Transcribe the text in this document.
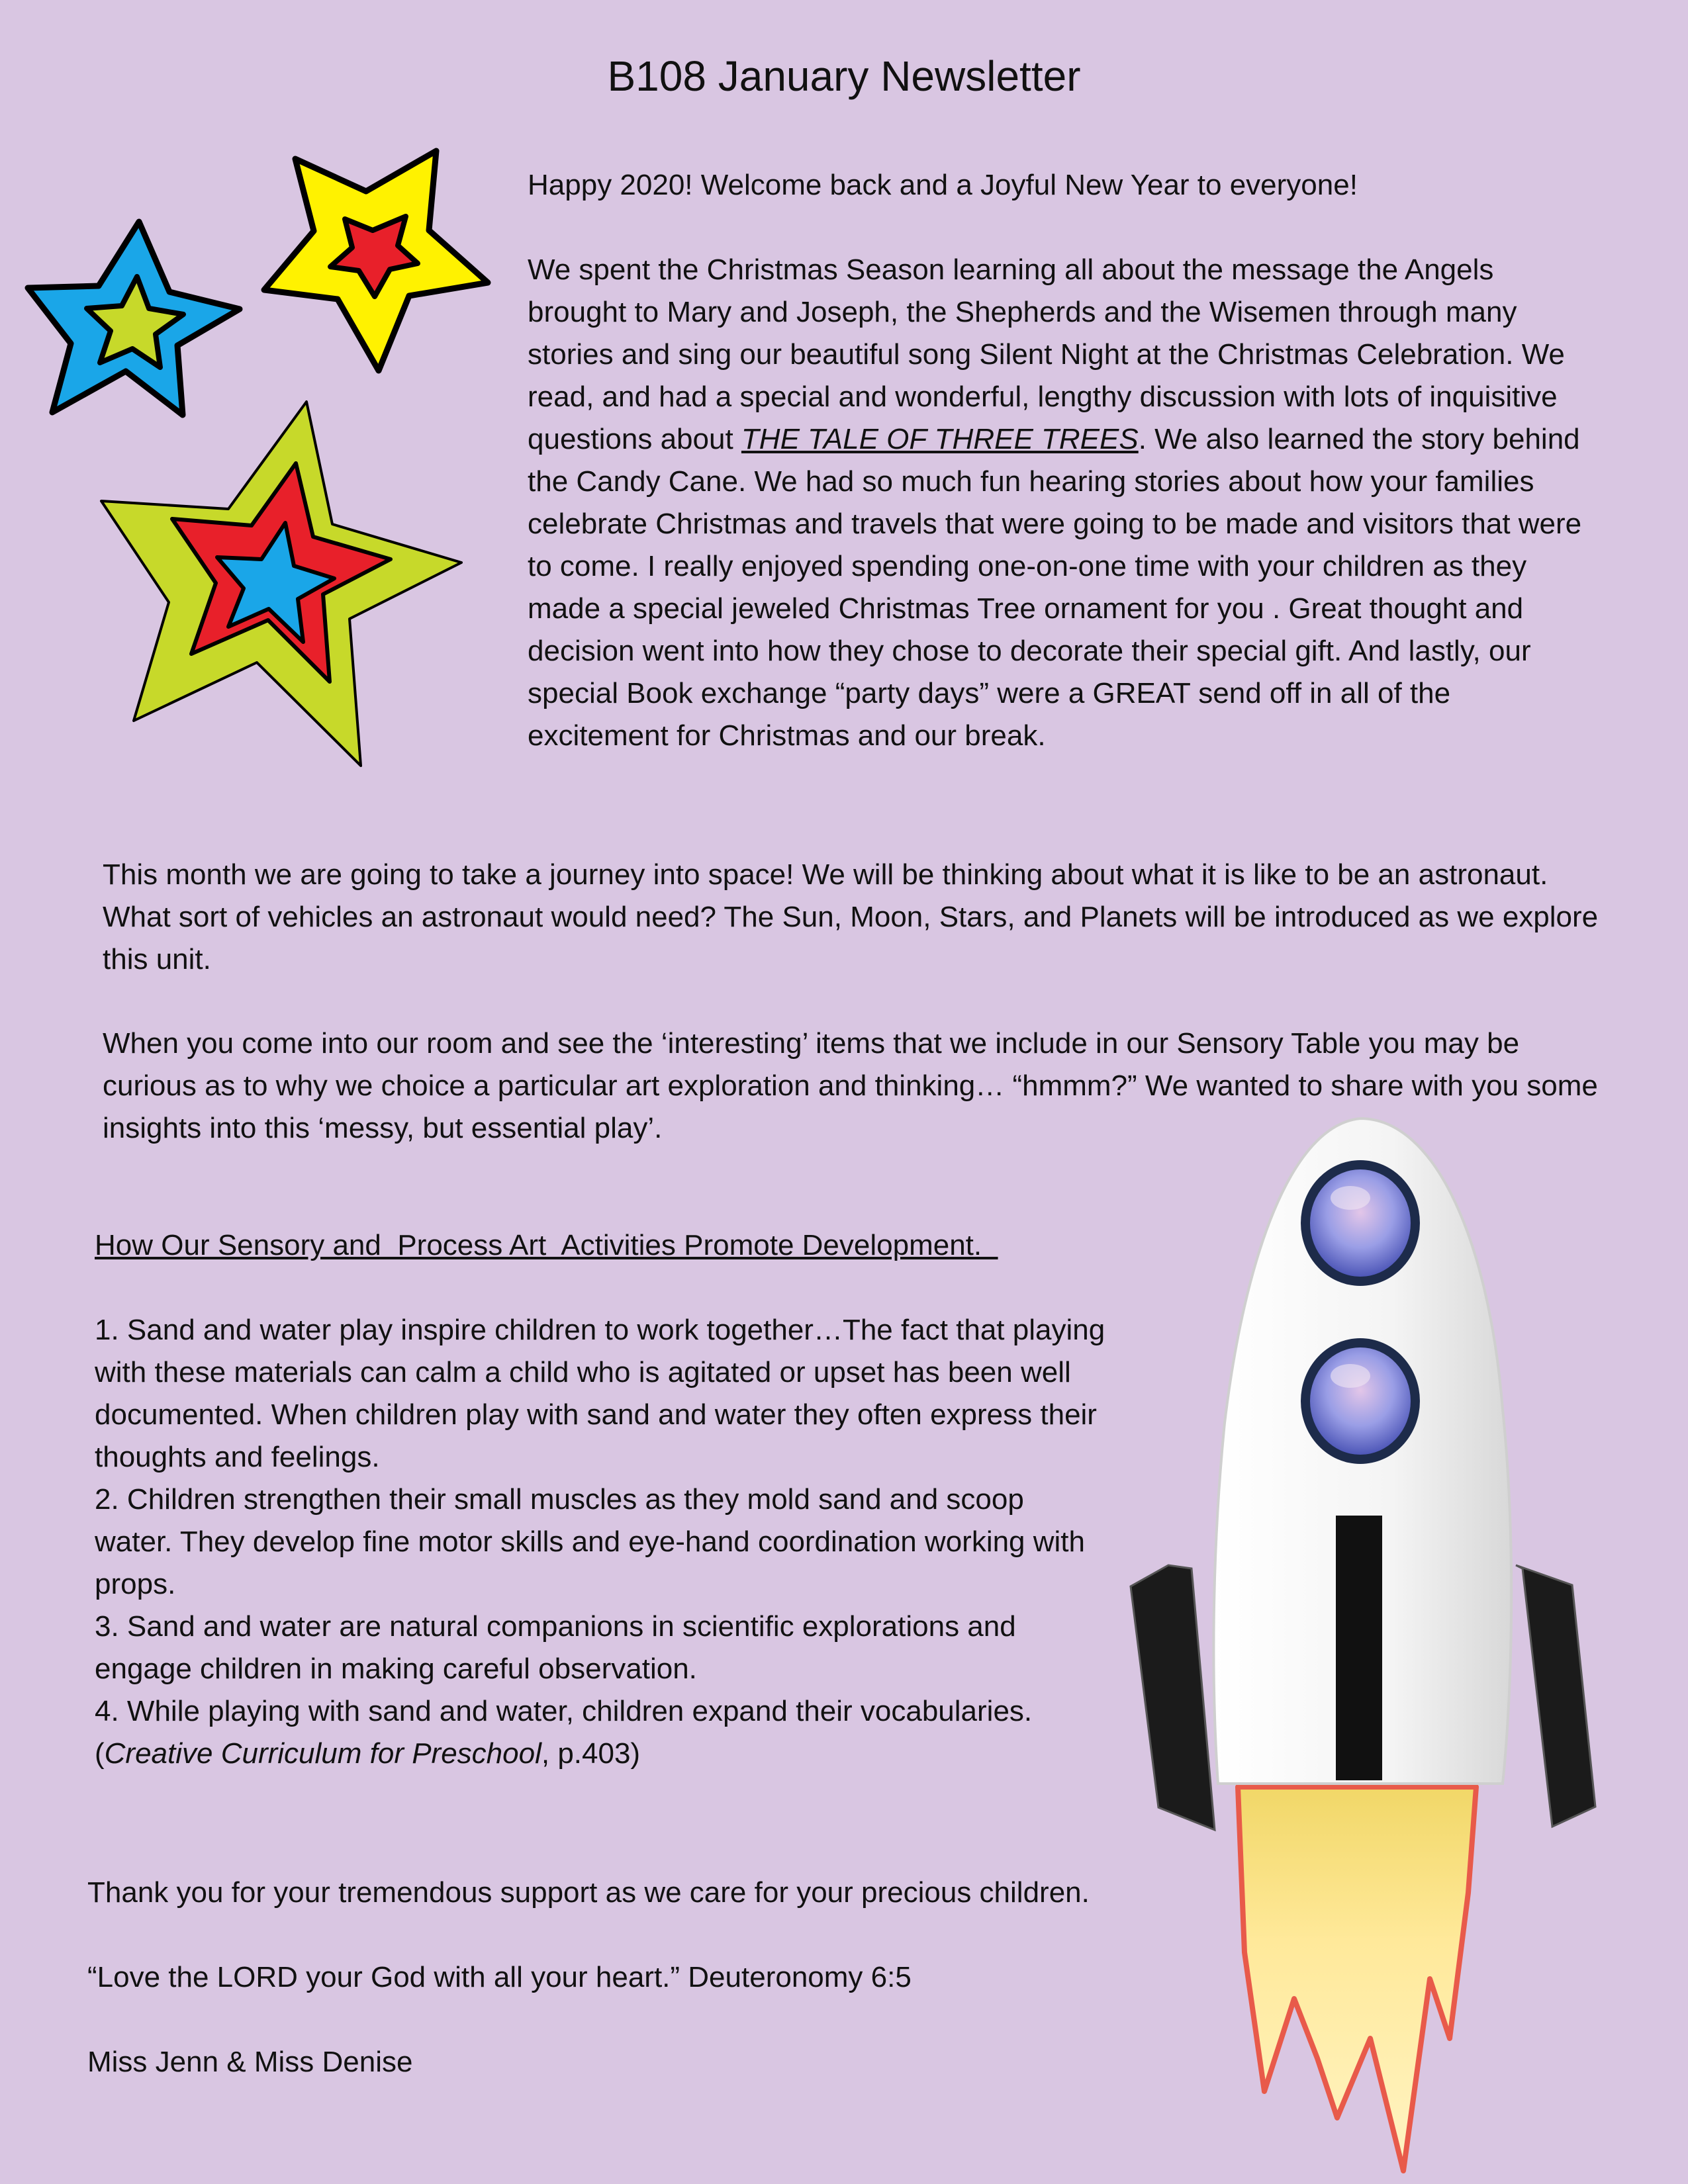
B108 January Newsletter

Happy 2020! Welcome back and a Joyful New Year to everyone!

We spent the Christmas Season learning all about the message the Angels brought to Mary and Joseph, the Shepherds and the Wisemen through many stories and sing our beautiful song Silent Night at the Christmas Celebration. We read, and had a special and wonderful, lengthy discussion with lots of inquisitive questions about THE TALE OF THREE TREES. We also learned the story behind the Candy Cane. We had so much fun hearing stories about how your families celebrate Christmas and travels that were going to be made and visitors that were to come. I really enjoyed spending one-on-one time with your children as they made a special jeweled Christmas Tree ornament for you . Great thought and decision went into how they chose to decorate their special gift. And lastly, our special Book exchange “party days” were a GREAT send off in all of the excitement for Christmas and our break.

This month we are going to take a journey into space! We will be thinking about what it is like to be an astronaut. What sort of vehicles an astronaut would need? The Sun, Moon, Stars, and Planets will be introduced as we explore this unit.
When you come into our room and see the ‘interesting’ items that we include in our Sensory Table you may be curious as to why we choice a particular art exploration and thinking… “hmmm?” We wanted to share with you some insights into this ‘messy, but essential play’.

How Our Sensory and  Process Art  Activities Promote Development.

1. Sand and water play inspire children to work together…The fact that playing with these materials can calm a child who is agitated or upset has been well documented. When children play with sand and water they often express their thoughts and feelings.

2. Children strengthen their small muscles as they mold sand and scoop water. They develop fine motor skills and eye-hand coordination working with props.

3. Sand and water are natural companions in scientific explorations and engage children in making careful observation.

4. While playing with sand and water, children expand their vocabularies.

(Creative Curriculum for Preschool, p.403)

Thank you for your tremendous support as we care for your precious children.

“Love the LORD your God with all your heart.” Deuteronomy 6:5

Miss Jenn & Miss Denise
